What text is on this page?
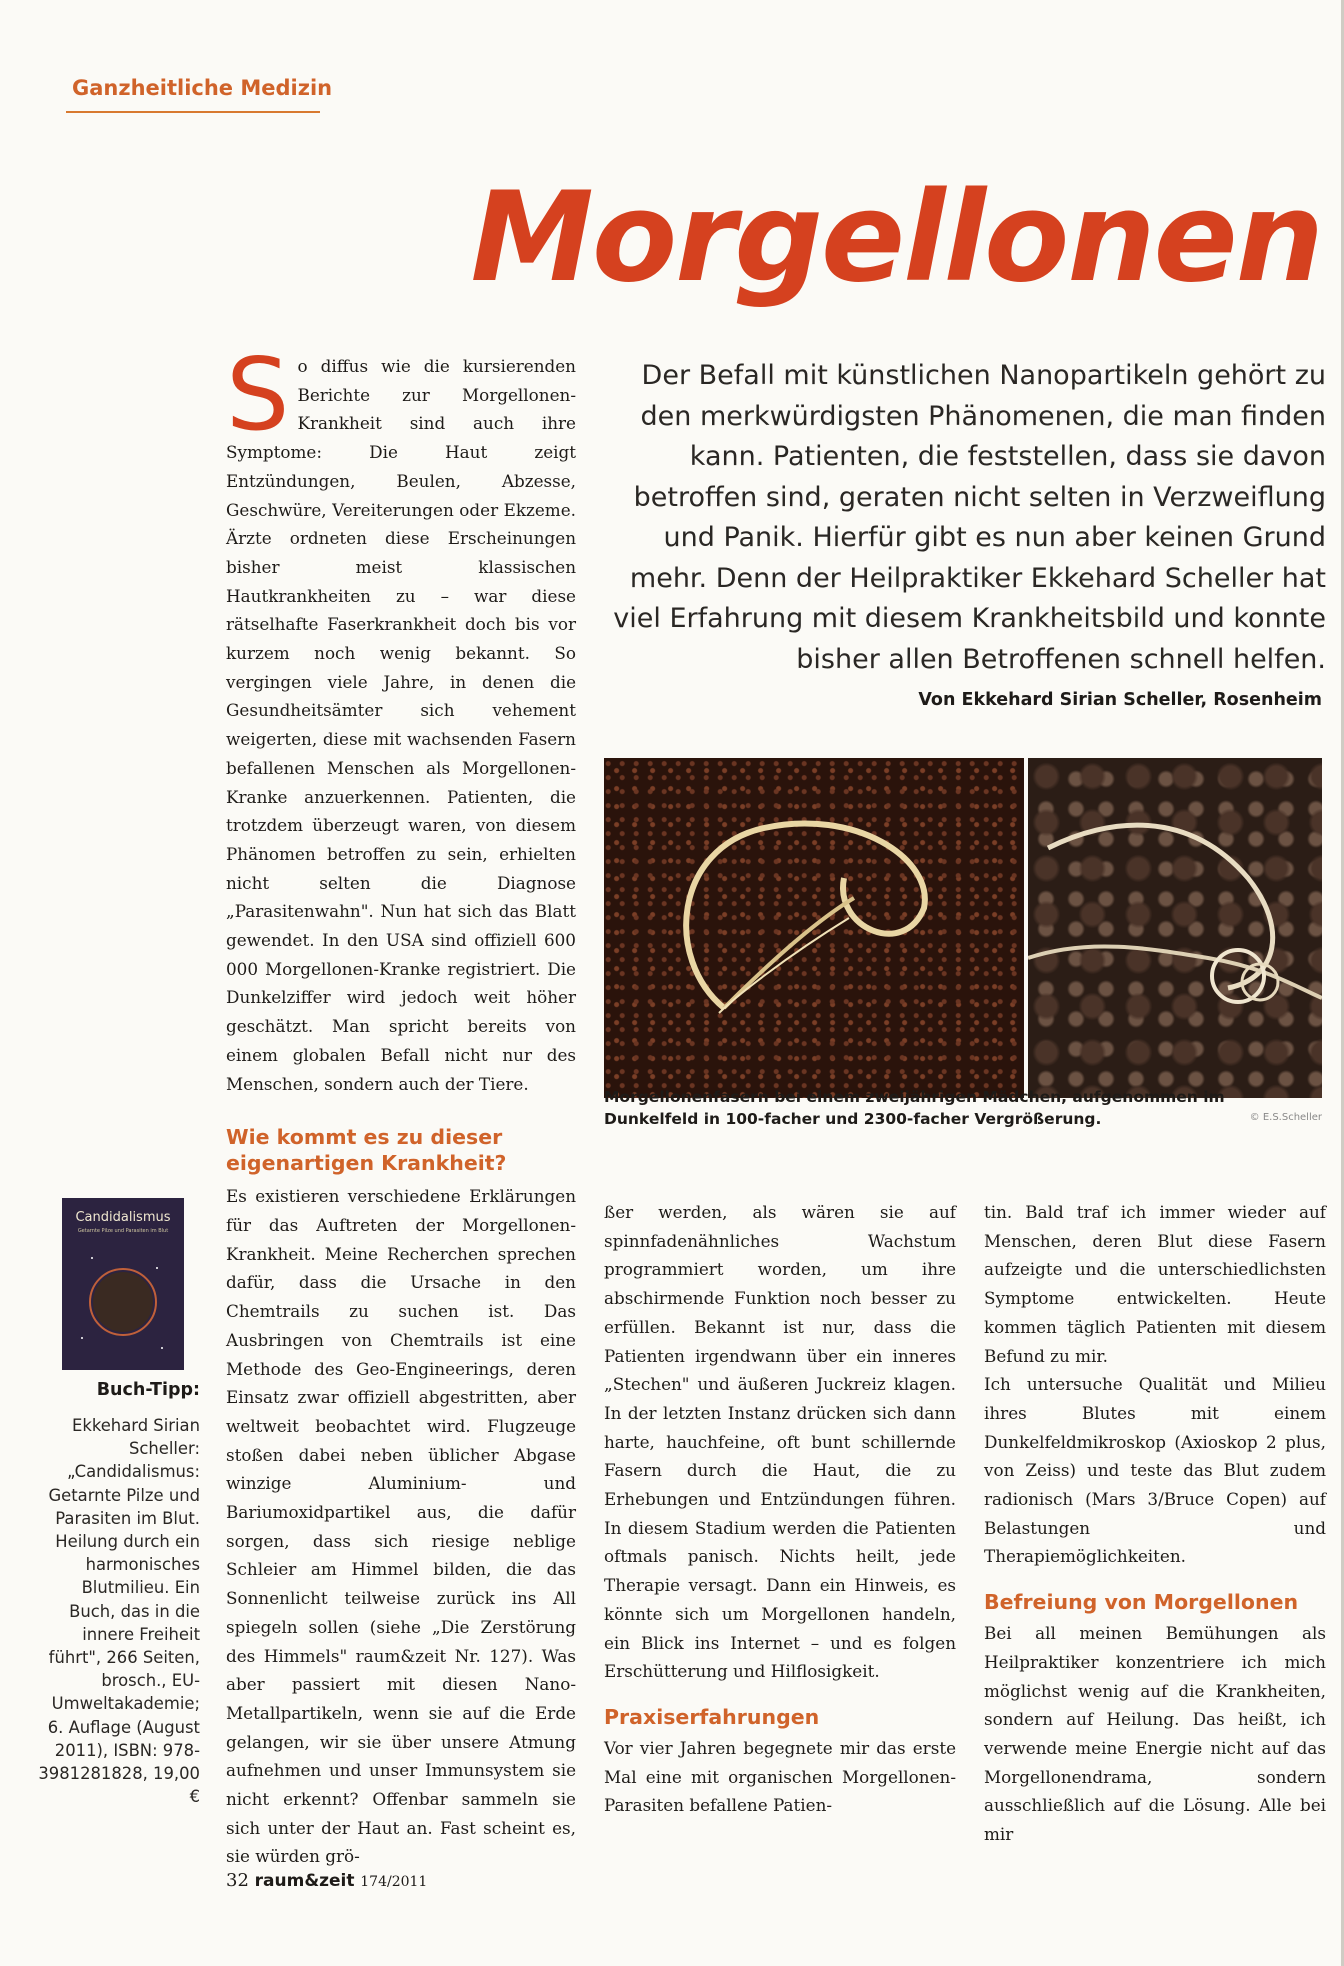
Ganzheitliche Medizin
Morgellonen
Der Befall mit künstlichen Nanopartikeln gehört zu den merkwürdigsten Phänomenen, die man finden kann. Patienten, die feststellen, dass sie davon betroffen sind, geraten nicht selten in Verzweiflung und Panik. Hierfür gibt es nun aber keinen Grund mehr. Denn der Heilpraktiker Ekkehard Scheller hat viel Erfahrung mit diesem Krankheitsbild und konnte bisher allen Betroffenen schnell helfen.
Von Ekkehard Sirian Scheller, Rosenheim

So diffus wie die kursierenden Berichte zur Morgellonen-Krankheit sind auch ihre Symptome: Die Haut zeigt Entzündungen, Beulen, Abzesse, Geschwüre, Vereiterungen oder Ekzeme. Ärzte ordneten diese Erscheinungen bisher meist klassischen Hautkrankheiten zu – war diese rätselhafte Faserkrankheit doch bis vor kurzem noch wenig bekannt. So vergingen viele Jahre, in denen die Gesundheitsämter sich vehement weigerten, diese mit wachsenden Fasern befallenen Menschen als Morgellonen-Kranke anzuerkennen. Patienten, die trotzdem überzeugt waren, von diesem Phänomen betroffen zu sein, erhielten nicht selten die Diagnose „Parasitenwahn". Nun hat sich das Blatt gewendet. In den USA sind offiziell 600 000 Morgellonen-Kranke registriert. Die Dunkelziffer wird jedoch weit höher geschätzt. Man spricht bereits von einem globalen Befall nicht nur des Menschen, sondern auch der Tiere.

Wie kommt es zu dieser eigenartigen Krankheit?

Es existieren verschiedene Erklärungen für das Auftreten der Morgellonen-Krankheit. Meine Recherchen sprechen dafür, dass die Ursache in den Chemtrails zu suchen ist. Das Ausbringen von Chemtrails ist eine Methode des Geo-Engineerings, deren Einsatz zwar offiziell abgestritten, aber weltweit beobachtet wird. Flugzeuge stoßen dabei neben üblicher Abgase winzige Aluminium- und Bariumoxidpartikel aus, die dafür sorgen, dass sich riesige neblige Schleier am Himmel bilden, die das Sonnenlicht teilweise zurück ins All spiegeln sollen (siehe „Die Zerstörung des Himmels" raum&zeit Nr. 127). Was aber passiert mit diesen Nano-Metallpartikeln, wenn sie auf die Erde gelangen, wir sie über unsere Atmung aufnehmen und unser Immunsystem sie nicht erkennt? Offenbar sammeln sie sich unter der Haut an. Fast scheint es, sie würden grö-

Morgellonenfasern bei einem zweijährigen Mädchen, aufgenommen im Dunkelfeld in 100-facher und 2300-facher Vergrößerung.	© E.S.Scheller

ßer werden, als wären sie auf spinnfadenähnliches Wachstum programmiert worden, um ihre abschirmende Funktion noch besser zu erfüllen. Bekannt ist nur, dass die Patienten irgendwann über ein inneres „Stechen" und äußeren Juckreiz klagen. In der letzten Instanz drücken sich dann harte, hauchfeine, oft bunt schillernde Fasern durch die Haut, die zu Erhebungen und Entzündungen führen. In diesem Stadium werden die Patienten oftmals panisch. Nichts heilt, jede Therapie versagt. Dann ein Hinweis, es könnte sich um Morgellonen handeln, ein Blick ins Internet – und es folgen Erschütterung und Hilflosigkeit.

Praxiserfahrungen

Vor vier Jahren begegnete mir das erste Mal eine mit organischen Morgellonen-Parasiten befallene Patien-

tin. Bald traf ich immer wieder auf Menschen, deren Blut diese Fasern aufzeigte und die unterschiedlichsten Symptome entwickelten. Heute kommen täglich Patienten mit diesem Befund zu mir.

Ich untersuche Qualität und Milieu ihres Blutes mit einem Dunkelfeldmikroskop (Axioskop 2 plus, von Zeiss) und teste das Blut zudem radionisch (Mars 3/Bruce Copen) auf Belastungen und Therapiemöglichkeiten.

Befreiung von Morgellonen

Bei all meinen Bemühungen als Heilpraktiker konzentriere ich mich möglichst wenig auf die Krankheiten, sondern auf Heilung. Das heißt, ich verwende meine Energie nicht auf das Morgellonendrama, sondern ausschließlich auf die Lösung. Alle bei mir

Candidalismus
Getarnte Pilze und Parasiten im Blut
Buch-Tipp:

Ekkehard Sirian Scheller: „Candidalismus: Getarnte Pilze und Parasiten im Blut. Heilung durch ein harmonisches Blutmilieu. Ein Buch, das in die innere Freiheit führt", 266 Seiten, brosch., EU-Umweltakademie; 6. Auflage (August 2011), ISBN: 978-3981281828, 19,00 €

32 raum&zeit 174/2011
